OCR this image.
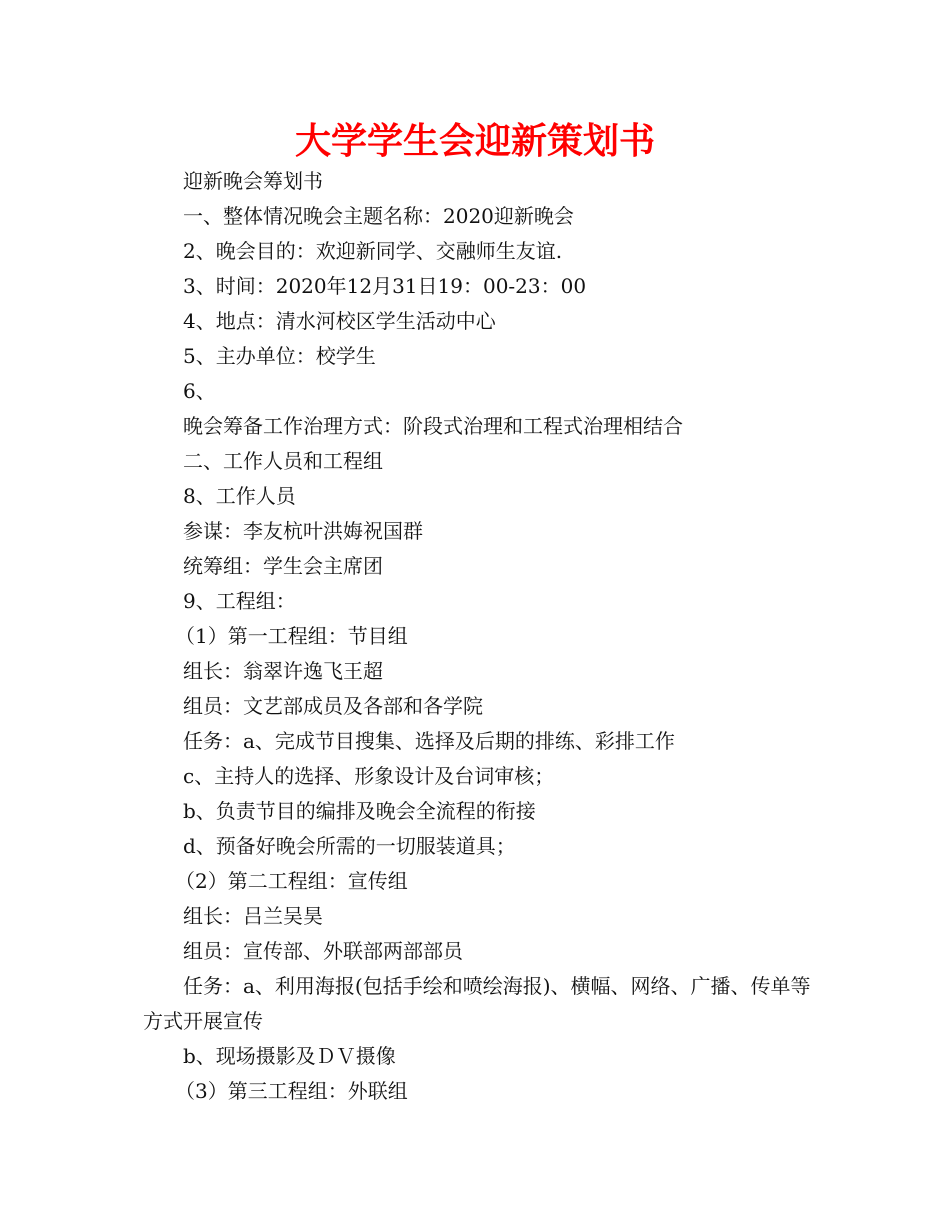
大学学生会迎新策划书
迎新晚会筹划书
一、整体情况晚会主题名称：2020迎新晚会
2、晚会目的：欢迎新同学、交融师生友谊.
3、时间：2020年12月31日19：00-23：00
4、地点：清水河校区学生活动中心
5、主办单位：校学生
6、
晚会筹备工作治理方式：阶段式治理和工程式治理相结合
二、工作人员和工程组
8、工作人员
参谋：李友杭叶洪娒祝国群
统筹组：学生会主席团
9、工程组：
（1）第一工程组：节目组
组长：翁翠许逸飞王超
组员：文艺部成员及各部和各学院
任务：a、完成节目搜集、选择及后期的排练、彩排工作
c、主持人的选择、形象设计及台词审核；
b、负责节目的编排及晚会全流程的衔接
d、预备好晚会所需的一切服装道具；
（2）第二工程组：宣传组
组长：吕兰吴昊
组员：宣传部、外联部两部部员
任务：a、利用海报(包括手绘和喷绘海报)、横幅、网络、广播、传单等方式开展宣传
b、现场摄影及ＤＶ摄像
（3）第三工程组：外联组
